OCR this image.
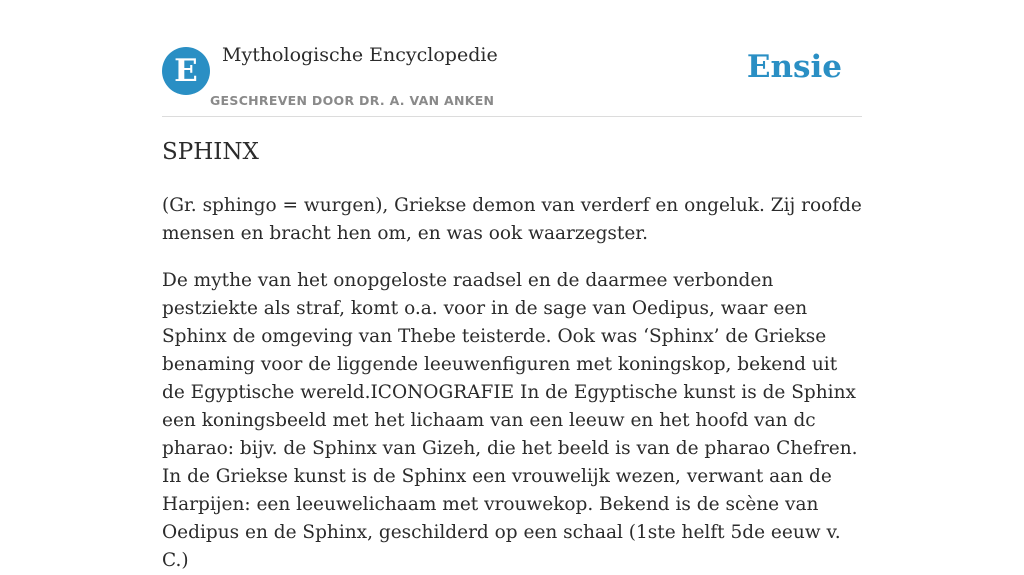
E	Mythologische Encyclopedie
GESCHREVEN DOOR DR. A. VAN ANKEN
Ensie
SPHINX

(Gr. sphingo = wurgen), Griekse demon van verderf en ongeluk. Zij roofde mensen en bracht hen om, en was ook waarzegster.

De mythe van het onopgeloste raadsel en de daarmee verbonden pestziekte als straf, komt o.a. voor in de sage van Oedipus, waar een Sphinx de omgeving van Thebe teisterde. Ook was ‘Sphinx’ de Griekse benaming voor de liggende leeuwenfiguren met koningskop, bekend uit de Egyptische wereld.ICONOGRAFIE In de Egyptische kunst is de Sphinx een koningsbeeld met het lichaam van een leeuw en het hoofd van dc pharao: bijv. de Sphinx van Gizeh, die het beeld is van de pharao Chefren. In de Griekse kunst is de Sphinx een vrouwelijk wezen, verwant aan de Harpijen: een leeuwelichaam met vrouwekop. Bekend is de scène van Oedipus en de Sphinx, geschilderd op een schaal (1ste helft 5de eeuw v. C.)
